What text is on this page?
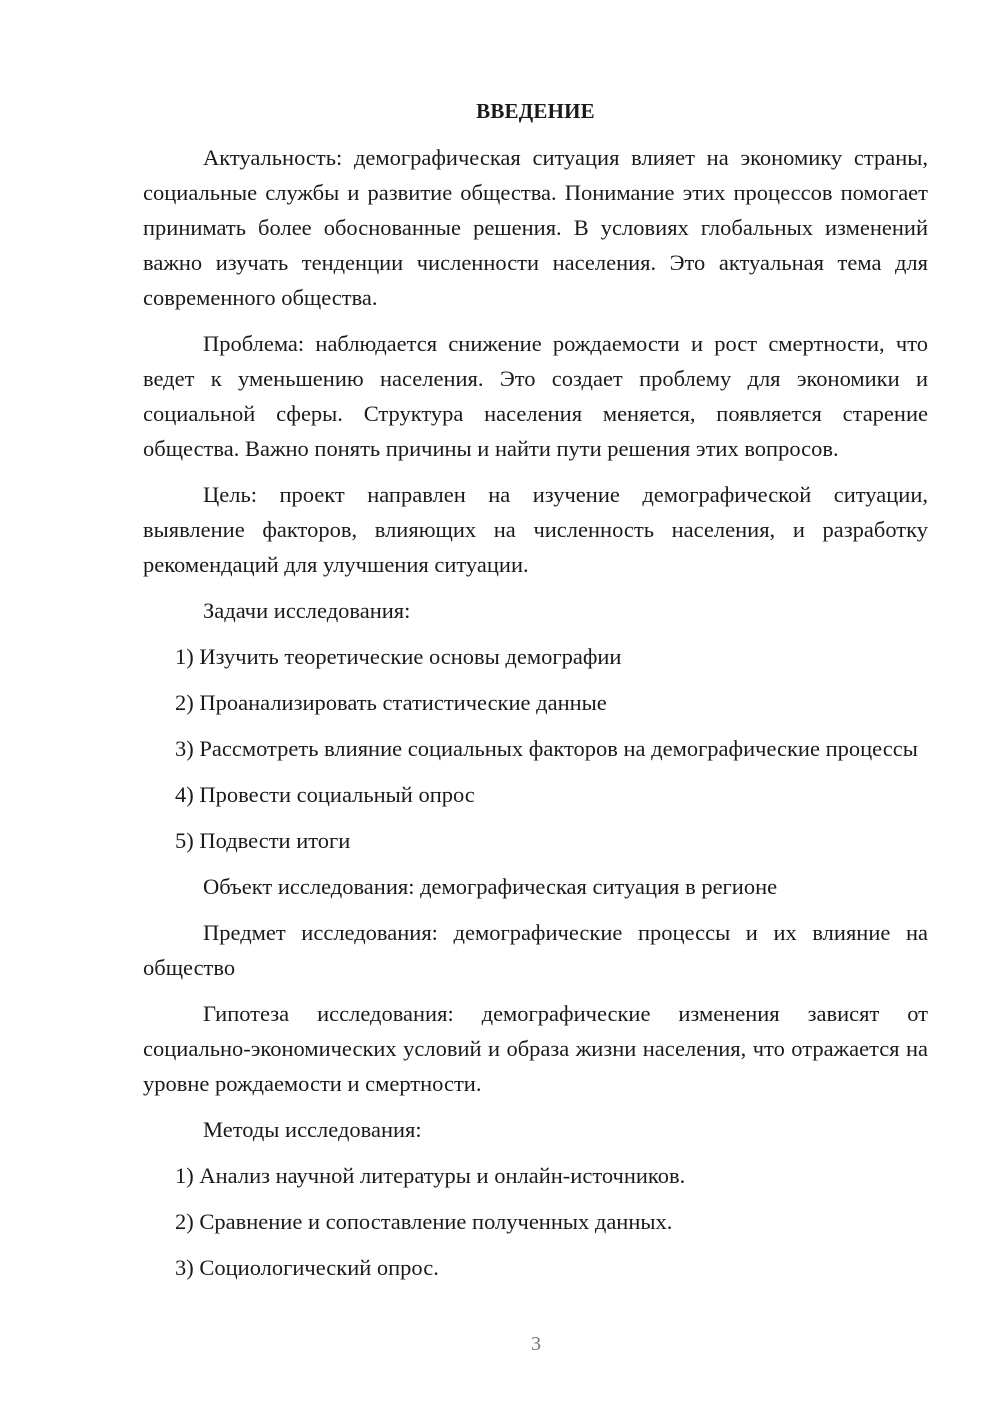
ВВЕДЕНИЕ

Актуальность: демографическая ситуация влияет на экономику страны, социальные службы и развитие общества. Понимание этих процессов помогает принимать более обоснованные решения. В условиях глобальных изменений важно изучать тенденции численности населения. Это актуальная тема для современного общества.

Проблема: наблюдается снижение рождаемости и рост смертности, что ведет к уменьшению населения. Это создает проблему для экономики и социальной сферы. Структура населения меняется, появляется старение общества. Важно понять причины и найти пути решения этих вопросов.

Цель: проект направлен на изучение демографической ситуации, выявление факторов, влияющих на численность населения, и разработку рекомендаций для улучшения ситуации.

Задачи исследования:

1) Изучить теоретические основы демографии

2) Проанализировать статистические данные

3) Рассмотреть влияние социальных факторов на демографические процессы

4) Провести социальный опрос

5) Подвести итоги

Объект исследования: демографическая ситуация в регионе

Предмет исследования: демографические процессы и их влияние на общество

Гипотеза исследования: демографические изменения зависят от социально-экономических условий и образа жизни населения, что отражается на уровне рождаемости и смертности.

Методы исследования:

1) Анализ научной литературы и онлайн-источников.

2) Сравнение и сопоставление полученных данных.

3) Социологический опрос.

3
